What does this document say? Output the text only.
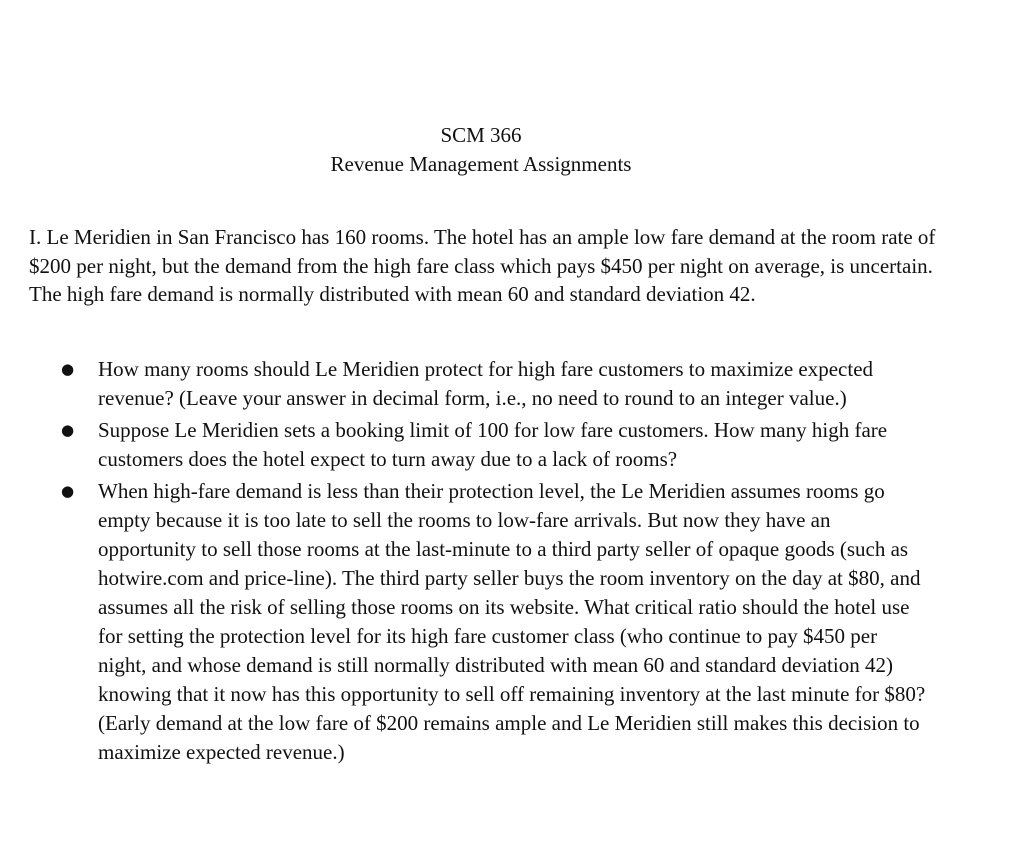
SCM 366
Revenue Management Assignments

I. Le Meridien in San Francisco has 160 rooms. The hotel has an ample low fare demand at the room rate of $200 per night, but the demand from the high fare class which pays $450 per night on average, is uncertain. The high fare demand is normally distributed with mean 60 and standard deviation 42.

● How many rooms should Le Meridien protect for high fare customers to maximize expected revenue? (Leave your answer in decimal form, i.e., no need to round to an integer value.)
● Suppose Le Meridien sets a booking limit of 100 for low fare customers. How many high fare customers does the hotel expect to turn away due to a lack of rooms?
● When high-fare demand is less than their protection level, the Le Meridien assumes rooms go empty because it is too late to sell the rooms to low-fare arrivals. But now they have an opportunity to sell those rooms at the last-minute to a third party seller of opaque goods (such as hotwire.com and price-line). The third party seller buys the room inventory on the day at $80, and assumes all the risk of selling those rooms on its website. What critical ratio should the hotel use for setting the protection level for its high fare customer class (who continue to pay $450 per night, and whose demand is still normally distributed with mean 60 and standard deviation 42) knowing that it now has this opportunity to sell off remaining inventory at the last minute for $80? (Early demand at the low fare of $200 remains ample and Le Meridien still makes this decision to maximize expected revenue.)
